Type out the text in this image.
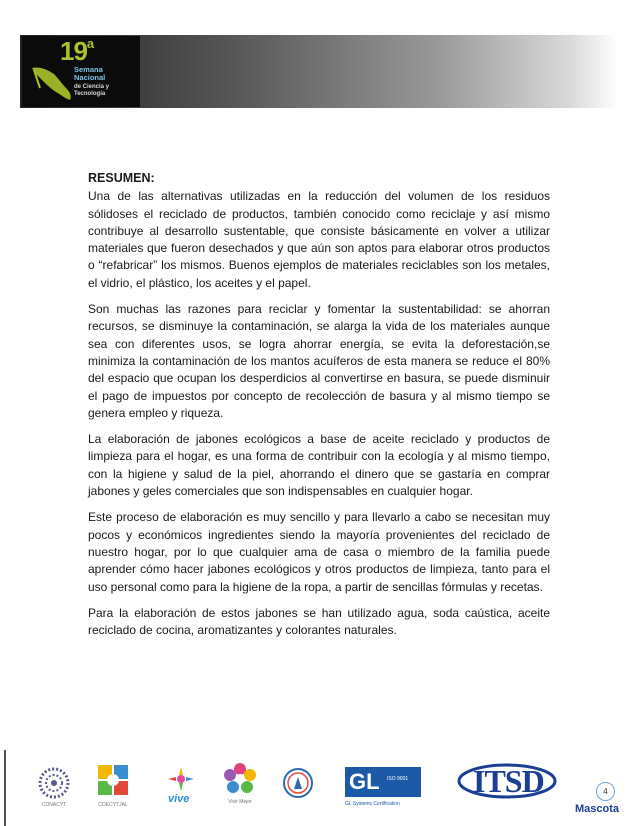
19$^a$
Semana
Nacional
de Ciencia y
Tecnología
RESUMEN:

Una de las alternativas utilizadas en la reducción del volumen de los residuos sólidoses el reciclado de productos, también conocido como reciclaje y así mismo contribuye al desarrollo sustentable, que consiste básicamente en volver a utilizar materiales que fueron desechados y que aún son aptos para elaborar otros productos o “refabricar” los mismos. Buenos ejemplos de materiales reciclables son los metales, el vidrio, el plástico, los aceites y el papel.

Son muchas las razones para reciclar y fomentar la sustentabilidad: se ahorran recursos, se disminuye la contaminación, se alarga la vida de los materiales aunque sea con diferentes usos, se logra ahorrar energía, se evita la deforestación,se minimiza la contaminación de los mantos acuíferos de esta manera se reduce el 80% del espacio que ocupan los desperdicios al convertirse en basura, se puede disminuir el pago de impuestos por concepto de recolección de basura y al mismo tiempo se genera empleo y riqueza.

La elaboración de jabones ecológicos a base de aceite reciclado y productos de limpieza para el hogar, es una forma de contribuir con la ecología y al mismo tiempo, con la higiene y salud de la piel, ahorrando el dinero que se gastaría en comprar jabones y geles comerciales que son indispensables en cualquier hogar.

Este proceso de elaboración es muy sencillo y para llevarlo a cabo se necesitan muy pocos y económicos ingredientes siendo la mayoría provenientes del reciclado de nuestro hogar, por lo que cualquier ama de casa o miembro de la familia puede aprender cómo hacer jabones ecológicos y otros productos de limpieza, tanto para el uso personal como para la higiene de la ropa, a partir de sencillas fórmulas y recetas.

Para la elaboración de estos jabones se han utilizado agua, soda caústica, aceite reciclado de cocina, aromatizantes y colorantes naturales.

CONACYT	COECYTJAL	vive	Vivir Mejor
GL ISO 9001
GL Systems Certification
ITSD	4
Mascota
